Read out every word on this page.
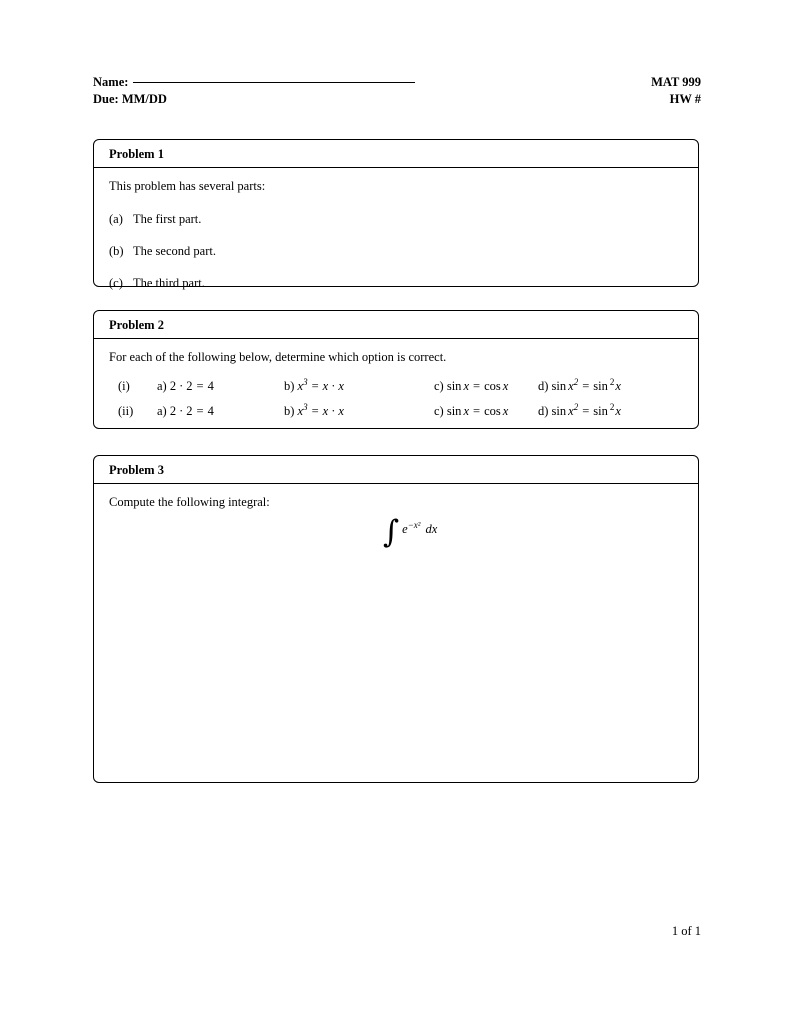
Name:
Due: MM/DD
MAT 999
HW #
Problem 1

This problem has several parts:

(a) The first part.
(b) The second part.
(c) The third part.
Problem 2

For each of the following below, determine which option is correct.

(i)	a) 2 · 2 = 4	b) $x^3 = x \cdot x$	c) sin x = cos x d) $\sin x^2 = \sin ^2$ x
(ii)	a) 2 · 2 = 4	b) $x^3 = x \cdot x$	c) sin x = cos x d) $\sin x^2 = \sin ^2$ x
Problem 3

Compute the following integral:

∫ $e^{-x^2}$ dx
1 of 1
